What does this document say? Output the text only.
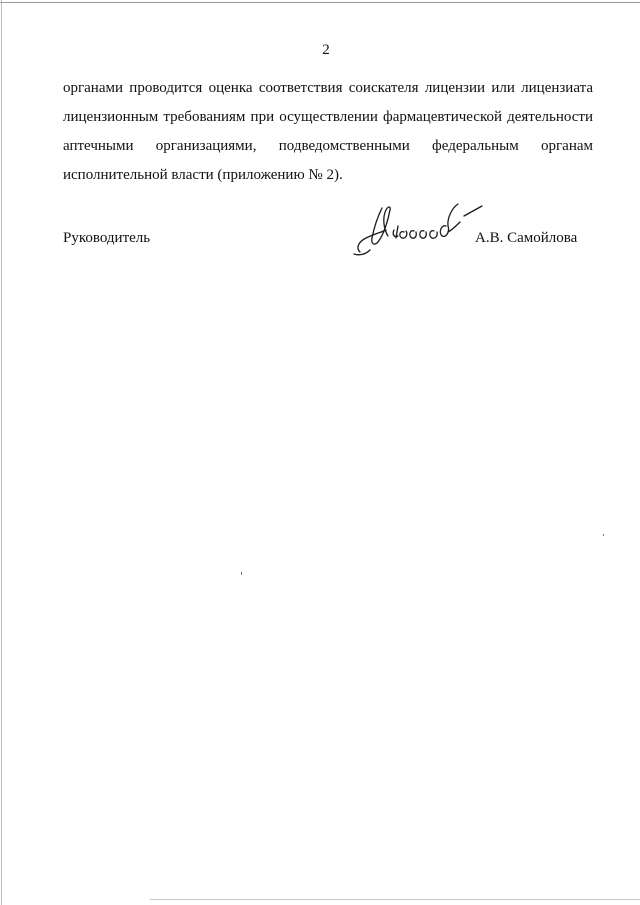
2
органами проводится оценка соответствия соискателя лицензии или лицензиата
лицензионным требованиям при осуществлении фармацевтической деятельности
аптечными организациями, подведомственными федеральным органам
исполнительной власти (приложению № 2).
Руководитель	А.В. Самойлова
